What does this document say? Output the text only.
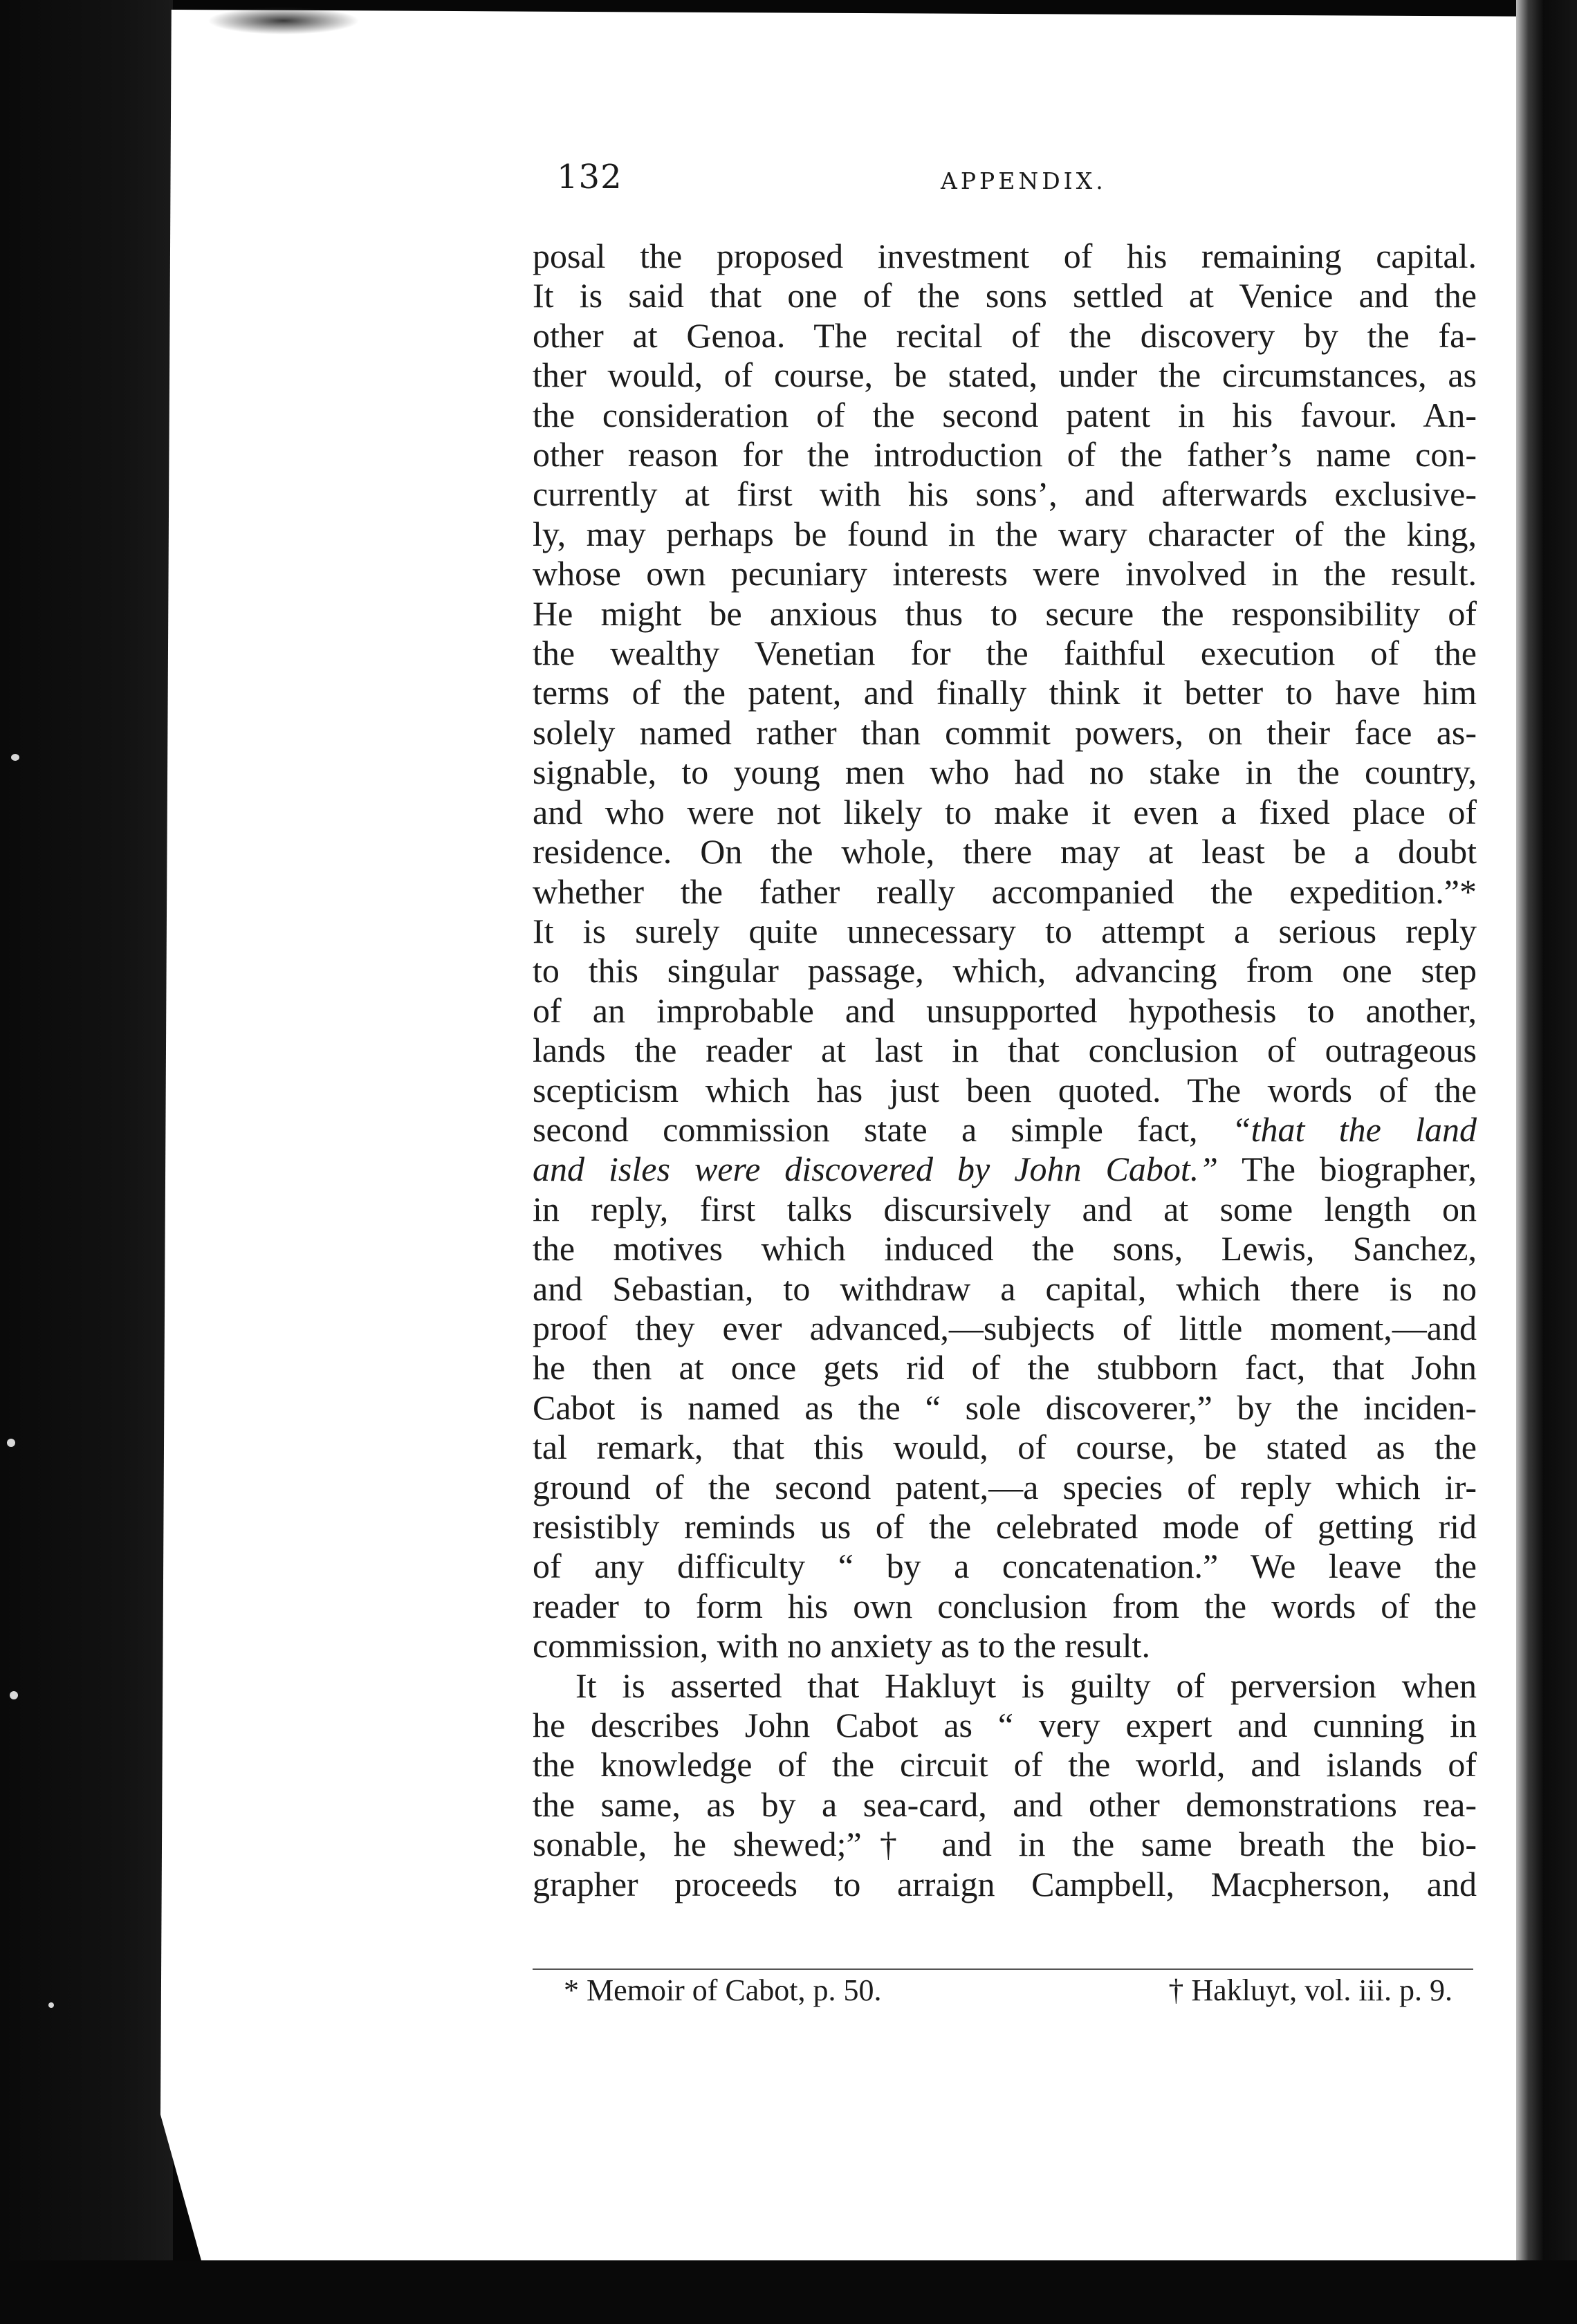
132	APPENDIX.
posal the proposed investment of his remaining capital.
It is said that one of the sons settled at Venice and the
other at Genoa. The recital of the discovery by the fa-
ther would, of course, be stated, under the circumstances, as
the consideration of the second patent in his favour. An-
other reason for the introduction of the father’s name con-
currently at first with his sons’, and afterwards exclusive-
ly, may perhaps be found in the wary character of the king,
whose own pecuniary interests were involved in the result.
He might be anxious thus to secure the responsibility of
the wealthy Venetian for the faithful execution of the
terms of the patent, and finally think it better to have him
solely named rather than commit powers, on their face as-
signable, to young men who had no stake in the country,
and who were not likely to make it even a fixed place of
residence. On the whole, there may at least be a doubt
whether the father really accompanied the expedition.”*
It is surely quite unnecessary to attempt a serious reply
to this singular passage, which, advancing from one step
of an improbable and unsupported hypothesis to another,
lands the reader at last in that conclusion of outrageous
scepticism which has just been quoted. The words of the
second commission state a simple fact, “that the land
and isles were discovered by John Cabot.” The biographer,
in reply, first talks discursively and at some length on
the motives which induced the sons, Lewis, Sanchez,
and Sebastian, to withdraw a capital, which there is no
proof they ever advanced,—subjects of little moment,—and
he then at once gets rid of the stubborn fact, that John
Cabot is named as the “ sole discoverer,” by the inciden-
tal remark, that this would, of course, be stated as the
ground of the second patent,—a species of reply which ir-
resistibly reminds us of the celebrated mode of getting rid
of any difficulty “ by a concatenation.” We leave the
reader to form his own conclusion from the words of the
commission, with no anxiety as to the result.
It is asserted that Hakluyt is guilty of perversion when
he describes John Cabot as “ very expert and cunning in
the knowledge of the circuit of the world, and islands of
the same, as by a sea-card, and other demonstrations rea-
sonable, he shewed;”† and in the same breath the bio-
grapher proceeds to arraign Campbell, Macpherson, and
* Memoir of Cabot, p. 50.	† Hakluyt, vol. iii. p. 9.
